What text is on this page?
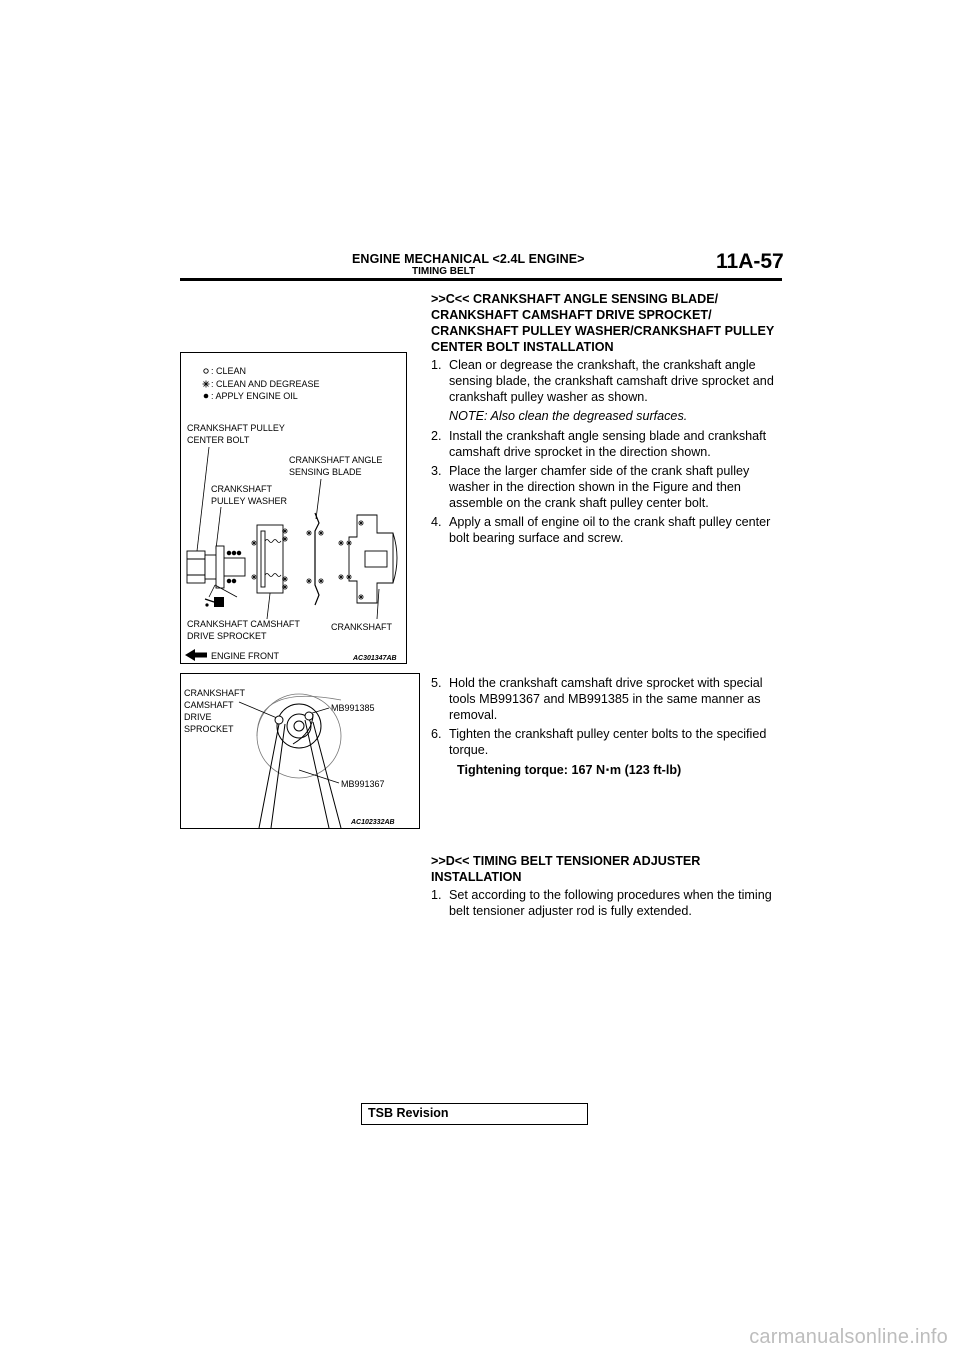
ENGINE MECHANICAL <2.4L ENGINE>
TIMING BELT	11A-57
>>C<< CRANKSHAFT ANGLE SENSING BLADE/ CRANKSHAFT CAMSHAFT DRIVE SPROCKET/ CRANKSHAFT PULLEY WASHER/CRANKSHAFT PULLEY CENTER BOLT INSTALLATION
1. Clean or degrease the crankshaft, the crankshaft angle sensing blade, the crankshaft camshaft drive sprocket and crankshaft pulley washer as shown.
NOTE: Also clean the degreased surfaces.
2. Install the crankshaft angle sensing blade and crankshaft camshaft drive sprocket in the direction shown.
3. Place the larger chamfer side of the crank shaft pulley washer in the direction shown in the Figure and then assemble on the crank shaft pulley center bolt.
4. Apply a small of engine oil to the crank shaft pulley center bolt bearing surface and screw.
5. Hold the crankshaft camshaft drive sprocket with special tools MB991367 and MB991385 in the same manner as removal.
6. Tighten the crankshaft pulley center bolts to the specified torque.
Tightening torque: 167 N⋅m (123 ft-lb)
>>D<< TIMING BELT TENSIONER ADJUSTER INSTALLATION
1. Set according to the following procedures when the timing belt tensioner adjuster rod is fully extended.
: CLEAN
: CLEAN AND DEGREASE
: APPLY ENGINE OIL
CRANKSHAFT PULLEY
CENTER BOLT
CRANKSHAFT ANGLE
SENSING BLADE
CRANKSHAFT
PULLEY WASHER
CRANKSHAFT CAMSHAFT
DRIVE SPROCKET
CRANKSHAFT
ENGINE FRONT	AC301347AB
CRANKSHAFT
CAMSHAFT
DRIVE
SPROCKET
MB991385
MB991367
AC102332AB
TSB Revision
carmanualsonline.info
